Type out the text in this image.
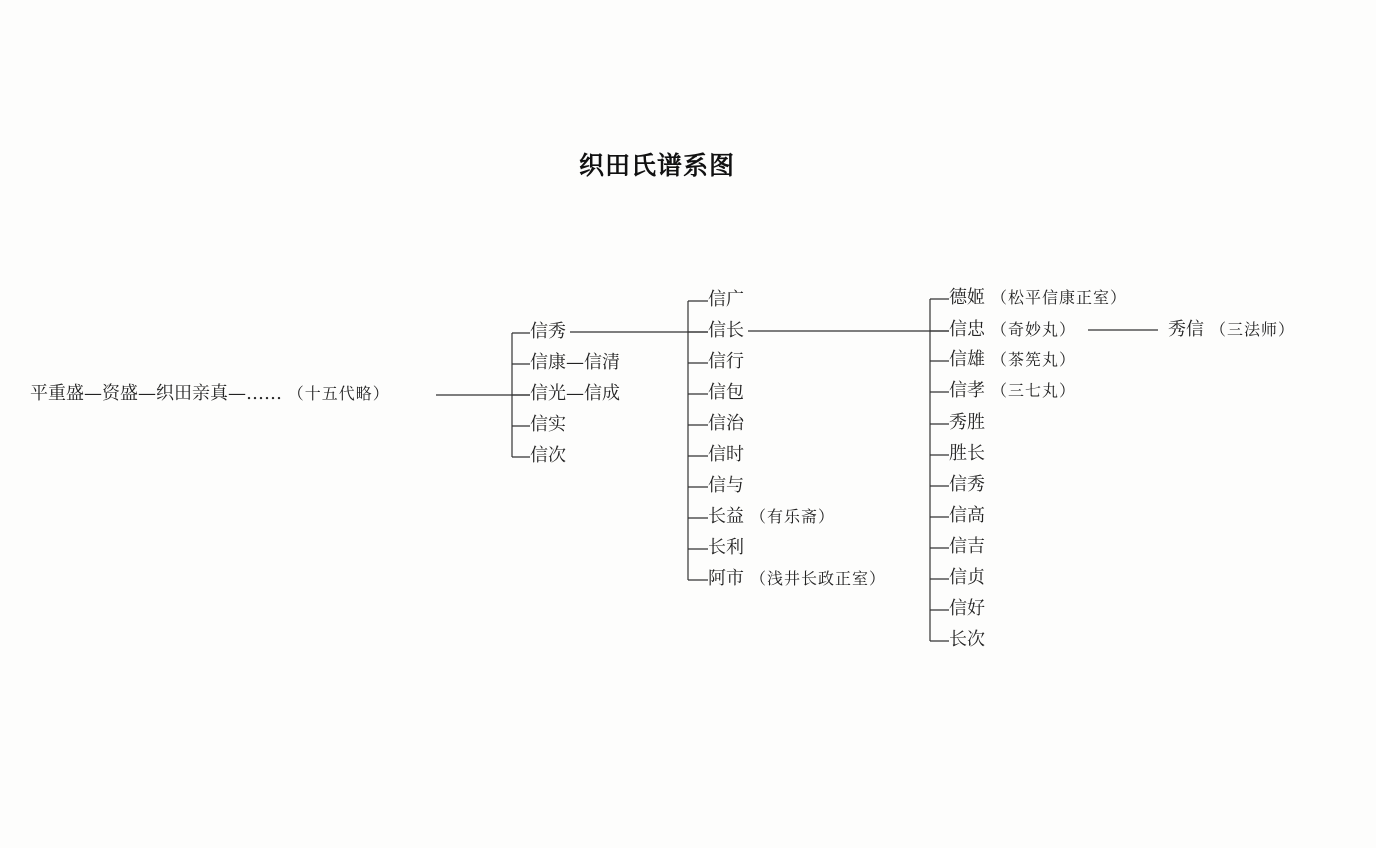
织田氏谱系图
平重盛—资盛—织田亲真—…… （十五代略）
信秀
信康—信清
信光—信成
信实
信次
信广
信长
信行
信包
信治
信时
信与
长益 （有乐斋）
长利
阿市 （浅井长政正室）
德姬 （松平信康正室）
信忠 （奇妙丸）
信雄 （茶筅丸）
信孝 （三七丸）
秀胜
胜长
信秀
信高
信吉
信贞
信好
长次
秀信 （三法师）
